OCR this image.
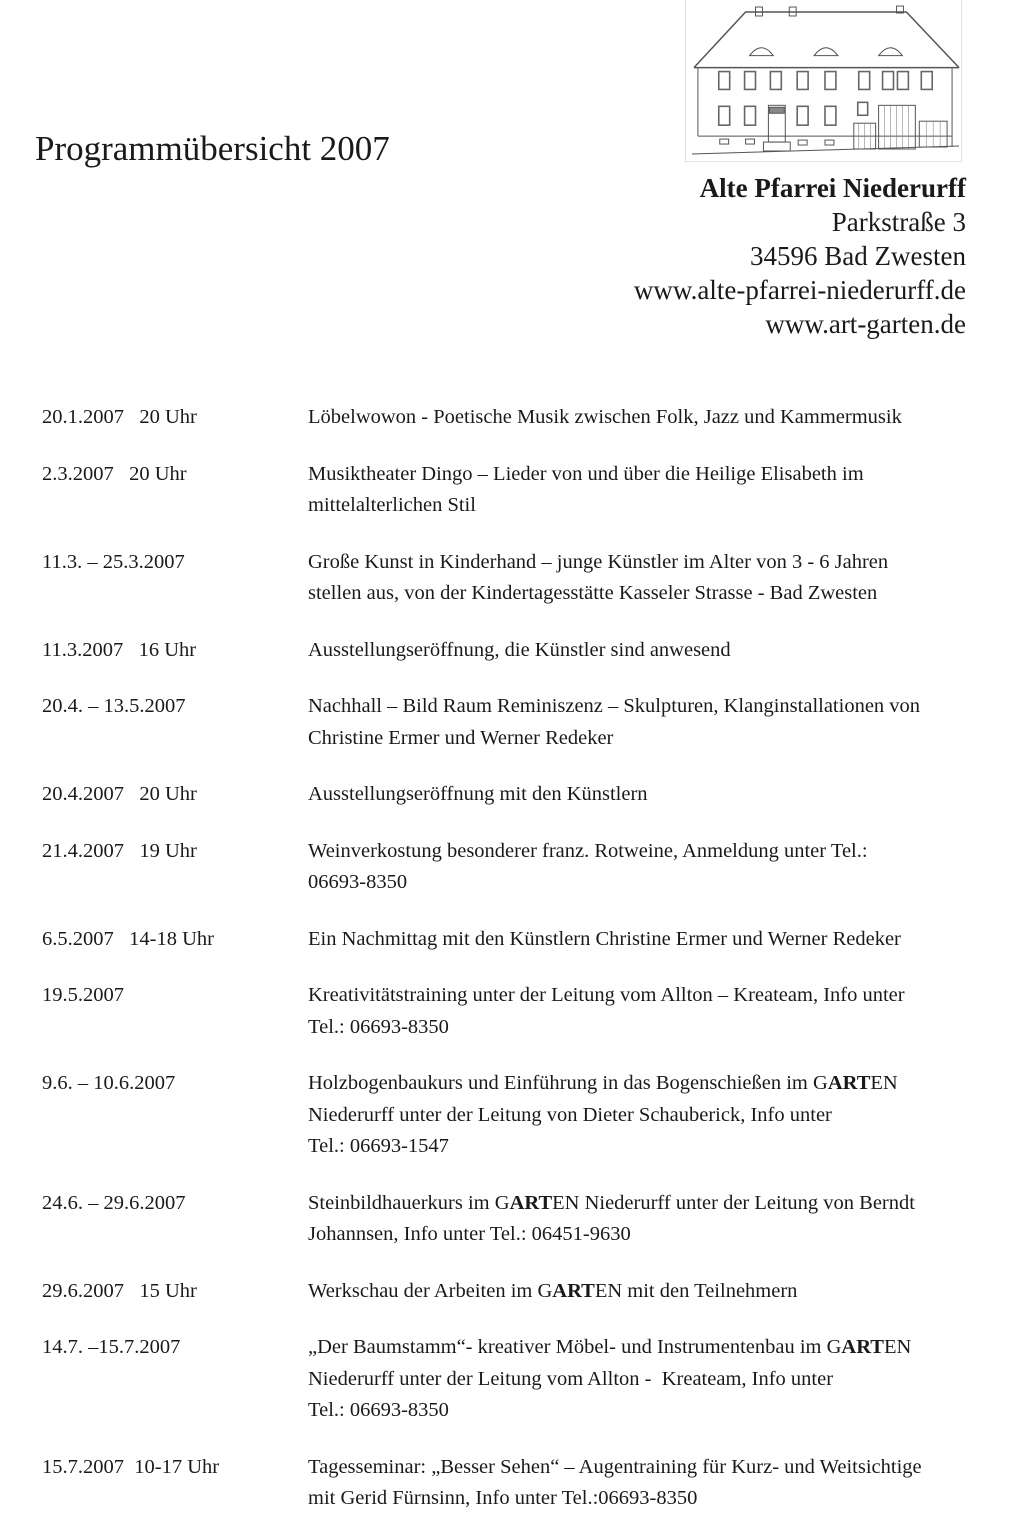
Programmübersicht 2007
Alte Pfarrei Niederurff
Parkstraße 3
34596 Bad Zwesten
www.alte-pfarrei-niederurff.de
www.art-garten.de
20.1.2007   20 Uhr	Löbelwowon - Poetische Musik zwischen Folk, Jazz und Kammermusik
2.3.2007   20 Uhr	Musiktheater Dingo – Lieder von und über die Heilige Elisabeth im
mittelalterlichen Stil
11.3. – 25.3.2007	Große Kunst in Kinderhand – junge Künstler im Alter von 3 - 6 Jahren
stellen aus, von der Kindertagesstätte Kasseler Strasse - Bad Zwesten
11.3.2007   16 Uhr	Ausstellungseröffnung, die Künstler sind anwesend
20.4. – 13.5.2007	Nachhall – Bild Raum Reminiszenz – Skulpturen, Klanginstallationen von
Christine Ermer und Werner Redeker
20.4.2007   20 Uhr	Ausstellungseröffnung mit den Künstlern
21.4.2007   19 Uhr	Weinverkostung besonderer franz. Rotweine, Anmeldung unter Tel.:
06693-8350
6.5.2007   14-18 Uhr	Ein Nachmittag mit den Künstlern Christine Ermer und Werner Redeker
19.5.2007	Kreativitätstraining unter der Leitung vom Allton – Kreateam, Info unter
Tel.: 06693-8350
9.6. – 10.6.2007	Holzbogenbaukurs und Einführung in das Bogenschießen im GARTEN
Niederurff unter der Leitung von Dieter Schauberick, Info unter
Tel.: 06693-1547
24.6. – 29.6.2007	Steinbildhauerkurs im GARTEN Niederurff unter der Leitung von Berndt
Johannsen, Info unter Tel.: 06451-9630
29.6.2007   15 Uhr	Werkschau der Arbeiten im GARTEN mit den Teilnehmern
14.7. –15.7.2007	„Der Baumstamm“- kreativer Möbel- und Instrumentenbau im GARTEN
Niederurff unter der Leitung vom Allton -  Kreateam, Info unter
Tel.: 06693-8350
15.7.2007  10-17 Uhr	Tagesseminar: „Besser Sehen“ – Augentraining für Kurz- und Weitsichtige
mit Gerid Fürnsinn, Info unter Tel.:06693-8350
